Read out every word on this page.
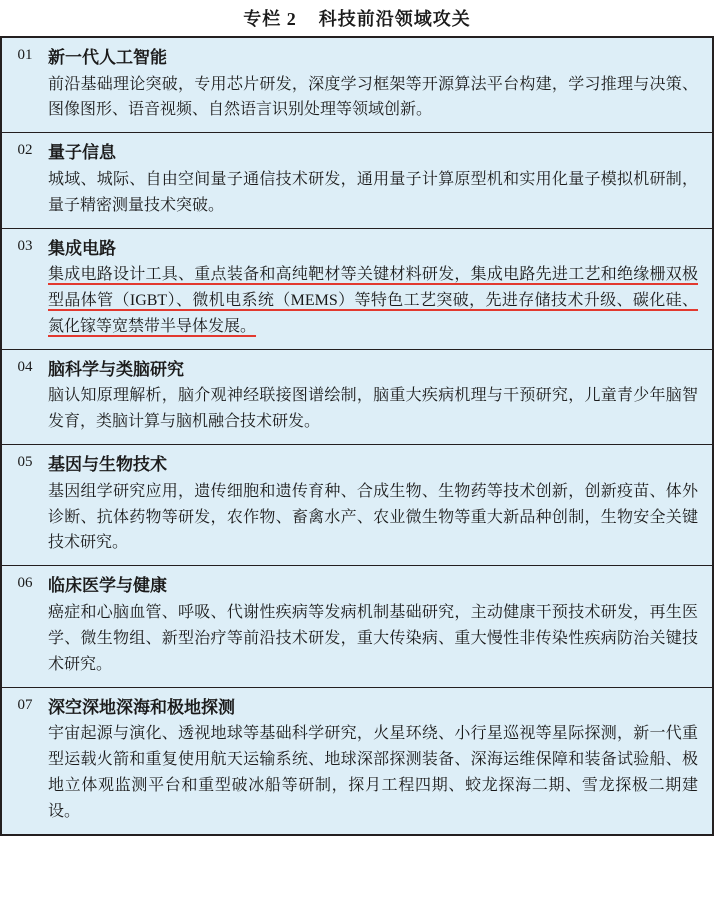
专栏 2 科技前沿领域攻关
01 新一代人工智能
前沿基础理论突破，专用芯片研发，深度学习框架等开源算法平台构建，学习推理与决策、图像图形、语音视频、自然语言识别处理等领域创新。
02 量子信息
城域、城际、自由空间量子通信技术研发，通用量子计算原型机和实用化量子模拟机研制，量子精密测量技术突破。
03 集成电路
集成电路设计工具、重点装备和高纯靶材等关键材料研发，集成电路先进工艺和绝缘栅双极型晶体管（IGBT）、微机电系统（MEMS）等特色工艺突破，先进存储技术升级、碳化硅、氮化镓等宽禁带半导体发展。
04 脑科学与类脑研究
脑认知原理解析，脑介观神经联接图谱绘制，脑重大疾病机理与干预研究，儿童青少年脑智发育，类脑计算与脑机融合技术研发。
05 基因与生物技术
基因组学研究应用，遗传细胞和遗传育种、合成生物、生物药等技术创新，创新疫苗、体外诊断、抗体药物等研发，农作物、畜禽水产、农业微生物等重大新品种创制，生物安全关键技术研究。
06 临床医学与健康
癌症和心脑血管、呼吸、代谢性疾病等发病机制基础研究，主动健康干预技术研发，再生医学、微生物组、新型治疗等前沿技术研发，重大传染病、重大慢性非传染性疾病防治关键技术研究。
07 深空深地深海和极地探测
宇宙起源与演化、透视地球等基础科学研究，火星环绕、小行星巡视等星际探测，新一代重型运载火箭和重复使用航天运输系统、地球深部探测装备、深海运维保障和装备试验船、极地立体观监测平台和重型破冰船等研制，探月工程四期、蛟龙探海二期、雪龙探极二期建设。
